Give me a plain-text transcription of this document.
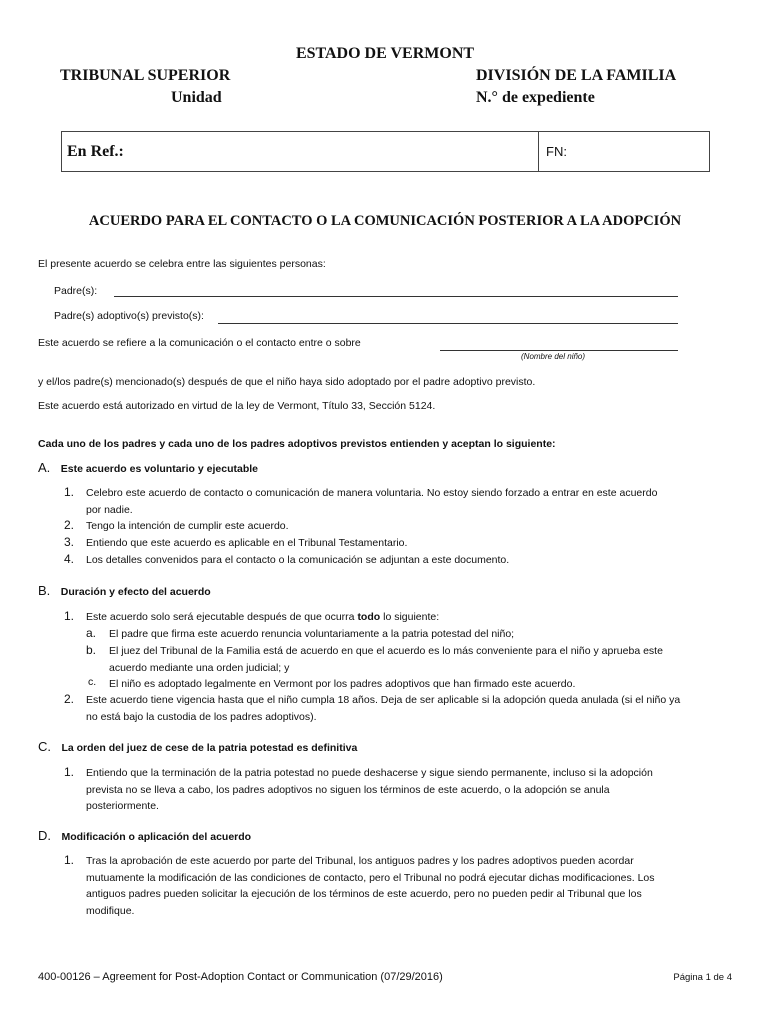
ESTADO DE VERMONT
TRIBUNAL SUPERIOR
Unidad
DIVISIÓN DE LA FAMILIA
N.° de expediente
En Ref.:	FN:
ACUERDO PARA EL CONTACTO O LA COMUNICACIÓN POSTERIOR A LA ADOPCIÓN
El presente acuerdo se celebra entre las siguientes personas:
Padre(s):
Padre(s) adoptivo(s) previsto(s):
Este acuerdo se refiere a la comunicación o el contacto entre o sobre
(Nombre del niño)
y el/los padre(s) mencionado(s) después de que el niño haya sido adoptado por el padre adoptivo previsto.
Este acuerdo está autorizado en virtud de la ley de Vermont, Título 33, Sección 5124.
Cada uno de los padres y cada uno de los padres adoptivos previstos entienden y aceptan lo siguiente:
A. Este acuerdo es voluntario y ejecutable
1. Celebro este acuerdo de contacto o comunicación de manera voluntaria. No estoy siendo forzado a entrar en este acuerdo
por nadie.
2. Tengo la intención de cumplir este acuerdo.
3. Entiendo que este acuerdo es aplicable en el Tribunal Testamentario.
4. Los detalles convenidos para el contacto o la comunicación se adjuntan a este documento.
B. Duración y efecto del acuerdo
1. Este acuerdo solo será ejecutable después de que ocurra todo lo siguiente:
a. El padre que firma este acuerdo renuncia voluntariamente a la patria potestad del niño;
b. El juez del Tribunal de la Familia está de acuerdo en que el acuerdo es lo más conveniente para el niño y aprueba este
acuerdo mediante una orden judicial; y
c. El niño es adoptado legalmente en Vermont por los padres adoptivos que han firmado este acuerdo.
2. Este acuerdo tiene vigencia hasta que el niño cumpla 18 años. Deja de ser aplicable si la adopción queda anulada (si el niño ya
no está bajo la custodia de los padres adoptivos).
C. La orden del juez de cese de la patria potestad es definitiva
1. Entiendo que la terminación de la patria potestad no puede deshacerse y sigue siendo permanente, incluso si la adopción
prevista no se lleva a cabo, los padres adoptivos no siguen los términos de este acuerdo, o la adopción se anula
posteriormente.
D. Modificación o aplicación del acuerdo
1. Tras la aprobación de este acuerdo por parte del Tribunal, los antiguos padres y los padres adoptivos pueden acordar
mutuamente la modificación de las condiciones de contacto, pero el Tribunal no podrá ejecutar dichas modificaciones. Los
antiguos padres pueden solicitar la ejecución de los términos de este acuerdo, pero no pueden pedir al Tribunal que los
modifique.
400-00126 – Agreement for Post-Adoption Contact or Communication (07/29/2016)	Página 1 de 4
